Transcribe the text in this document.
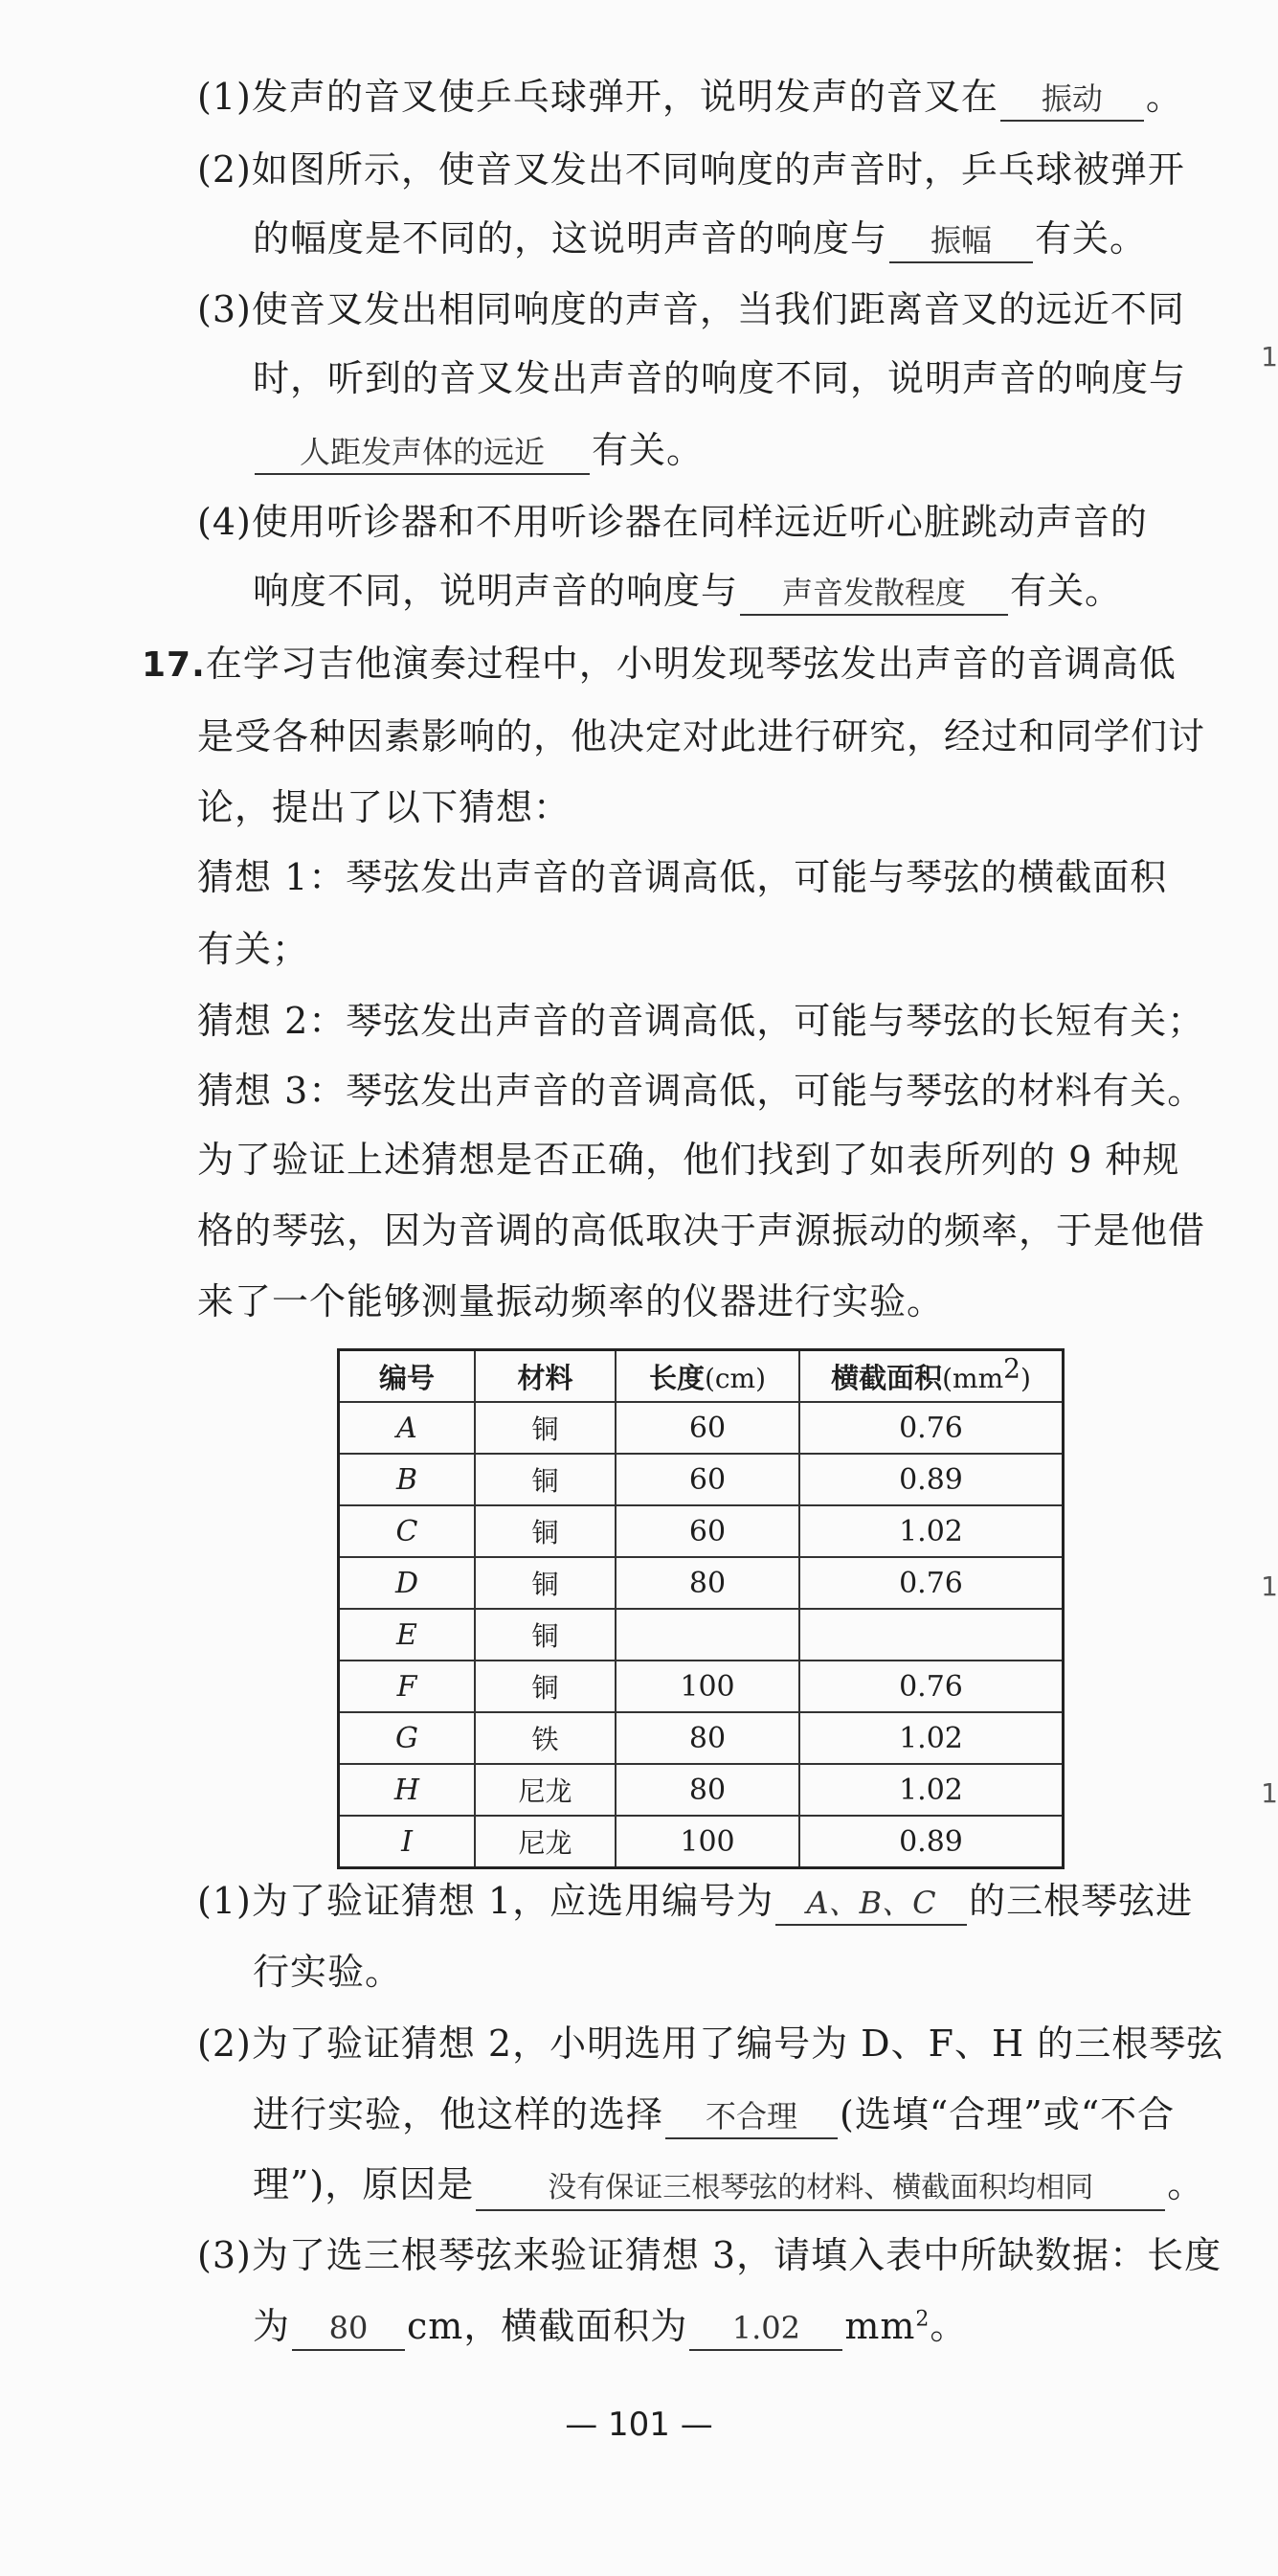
(1)发声的音叉使乒乓球弹开，说明发声的音叉在 振动 。
(2)如图所示，使音叉发出不同响度的声音时，乒乓球被弹开
的幅度是不同的，这说明声音的响度与 振幅 有关。
(3)使音叉发出相同响度的声音，当我们距离音叉的远近不同
时，听到的音叉发出声音的响度不同，说明声音的响度与
人距发声体的远近 有关。
(4)使用听诊器和不用听诊器在同样远近听心脏跳动声音的
响度不同，说明声音的响度与 声音发散程度 有关。
17.在学习吉他演奏过程中，小明发现琴弦发出声音的音调高低
是受各种因素影响的，他决定对此进行研究，经过和同学们讨
论，提出了以下猜想：
猜想 1：琴弦发出声音的音调高低，可能与琴弦的横截面积
有关；
猜想 2：琴弦发出声音的音调高低，可能与琴弦的长短有关；
猜想 3：琴弦发出声音的音调高低，可能与琴弦的材料有关。
为了验证上述猜想是否正确，他们找到了如表所列的 9 种规
格的琴弦，因为音调的高低取决于声源振动的频率，于是他借
来了一个能够测量振动频率的仪器进行实验。
编号	材料	长度(cm)	横截面积$(mm^2)$
A	铜	60	0.76
B	铜	60	0.89
C	铜	60	1.02
D	铜	80	0.76
E	铜		
F	铜	100	0.76
G	铁	80	1.02
H	尼龙	80	1.02
I	尼龙	100	0.89
(1)为了验证猜想 1，应选用编号为 A、B、C 的三根琴弦进
行实验。
(2)为了验证猜想 2，小明选用了编号为 D、F、H 的三根琴弦
进行实验，他这样的选择 不合理 (选填“合理”或“不合
理”)，原因是	没有保证三根琴弦的材料、横截面积均相同 。
(3)为了选三根琴弦来验证猜想 3，请填入表中所缺数据：长度
为 80 cm，横截面积为 1.02 $mm^2$。
— 101 —
1
1
1
